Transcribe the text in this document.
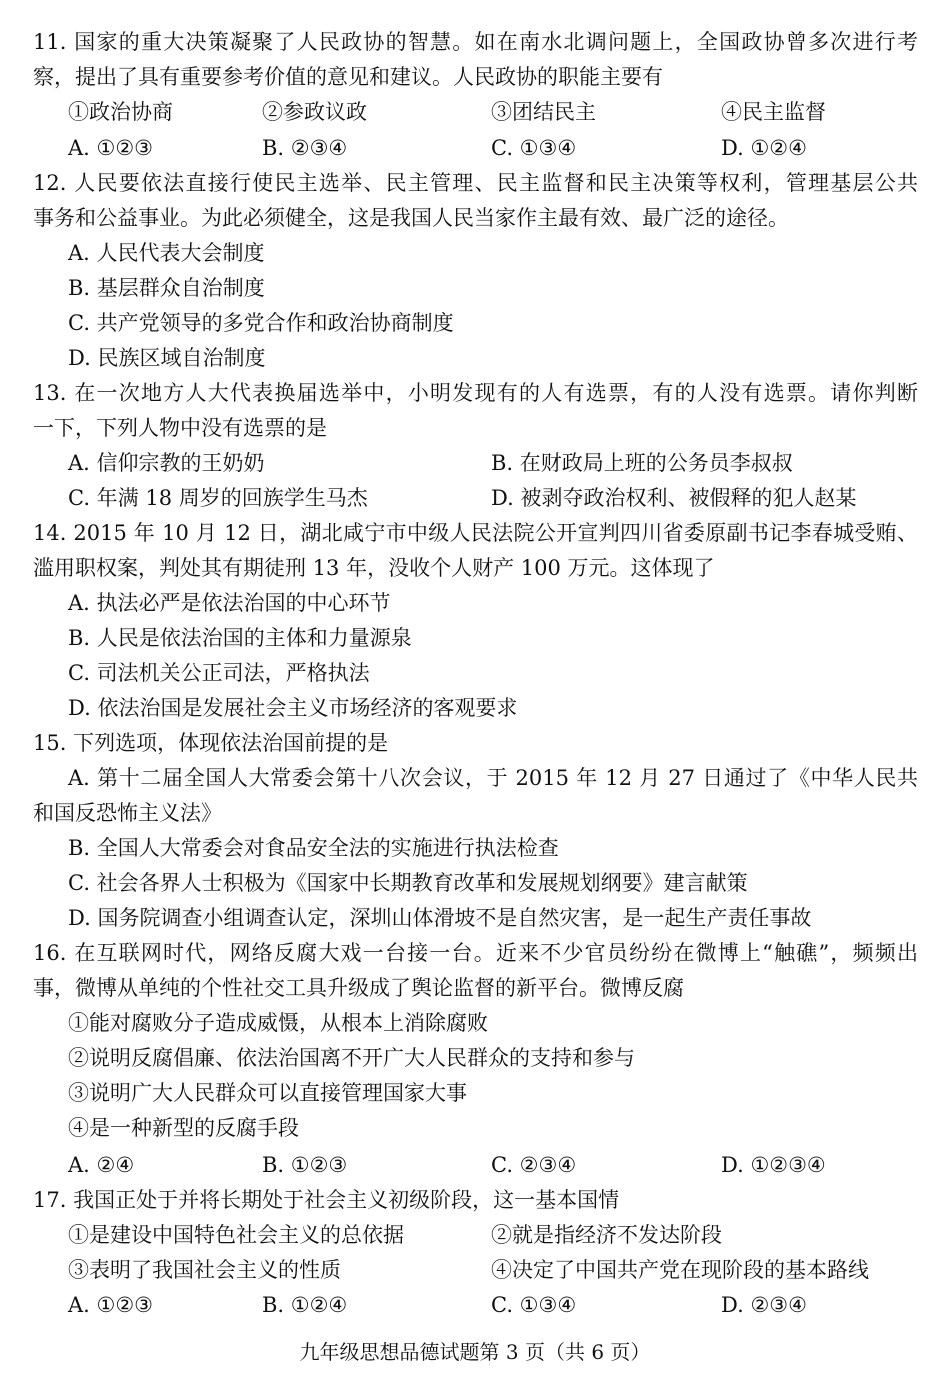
11. 国家的重大决策凝聚了人民政协的智慧。如在南水北调问题上，全国政协曾多次进行考
察，提出了具有重要参考价值的意见和建议。人民政协的职能主要有
①政治协商	②参政议政	③团结民主	④民主监督
A. ①②③	B. ②③④	C. ①③④	D. ①②④
12. 人民要依法直接行使民主选举、民主管理、民主监督和民主决策等权利，管理基层公共
事务和公益事业。为此必须健全，这是我国人民当家作主最有效、最广泛的途径。
A. 人民代表大会制度
B. 基层群众自治制度
C. 共产党领导的多党合作和政治协商制度
D. 民族区域自治制度
13. 在一次地方人大代表换届选举中，小明发现有的人有选票，有的人没有选票。请你判断
一下，下列人物中没有选票的是
A. 信仰宗教的王奶奶	B. 在财政局上班的公务员李叔叔
C. 年满 18 周岁的回族学生马杰	D. 被剥夺政治权利、被假释的犯人赵某
14. 2015 年 10 月 12 日，湖北咸宁市中级人民法院公开宣判四川省委原副书记李春城受贿、
滥用职权案，判处其有期徒刑 13 年，没收个人财产 100 万元。这体现了
A. 执法必严是依法治国的中心环节
B. 人民是依法治国的主体和力量源泉
C. 司法机关公正司法，严格执法
D. 依法治国是发展社会主义市场经济的客观要求
15. 下列选项，体现依法治国前提的是
A. 第十二届全国人大常委会第十八次会议，于 2015 年 12 月 27 日通过了《中华人民共
和国反恐怖主义法》
B. 全国人大常委会对食品安全法的实施进行执法检查
C. 社会各界人士积极为《国家中长期教育改革和发展规划纲要》建言献策
D. 国务院调查小组调查认定，深圳山体滑坡不是自然灾害，是一起生产责任事故
16. 在互联网时代，网络反腐大戏一台接一台。近来不少官员纷纷在微博上“触礁”，频频出
事，微博从单纯的个性社交工具升级成了舆论监督的新平台。微博反腐
①能对腐败分子造成威慑，从根本上消除腐败
②说明反腐倡廉、依法治国离不开广大人民群众的支持和参与
③说明广大人民群众可以直接管理国家大事
④是一种新型的反腐手段
A. ②④	B. ①②③	C. ②③④	D. ①②③④
17. 我国正处于并将长期处于社会主义初级阶段，这一基本国情
①是建设中国特色社会主义的总依据	②就是指经济不发达阶段
③表明了我国社会主义的性质	④决定了中国共产党在现阶段的基本路线
A. ①②③	B. ①②④	C. ①③④	D. ②③④
九年级思想品德试题第 3 页（共 6 页）
